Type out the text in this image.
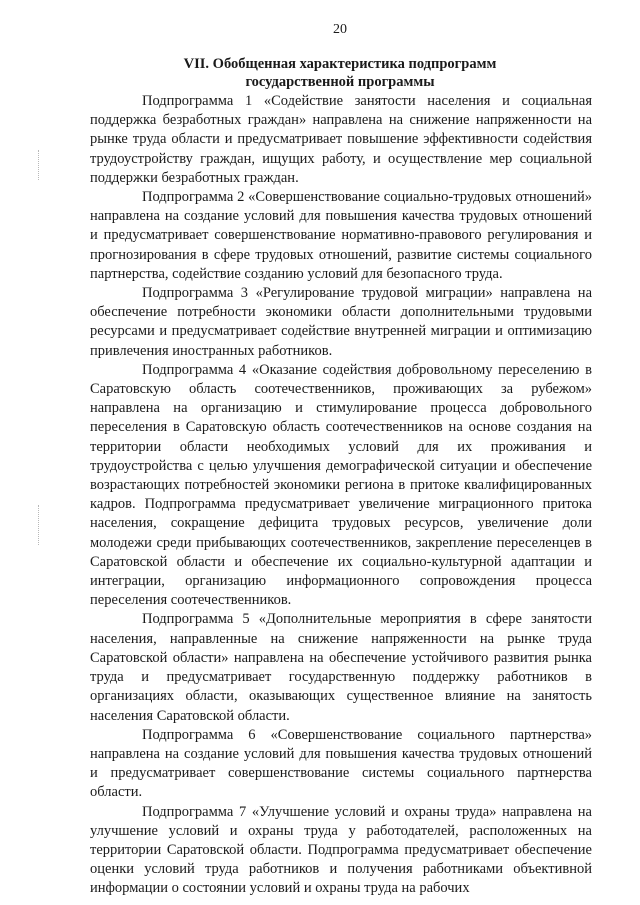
20
VII. Обобщенная характеристика подпрограмм
государственной программы

Подпрограмма 1 «Содействие занятости населения и социальная поддержка безработных граждан» направлена на снижение напряженности на рынке труда области и предусматривает повышение эффективности содействия трудоустройству граждан, ищущих работу, и осуществление мер социальной поддержки безработных граждан.

Подпрограмма 2 «Совершенствование социально-трудовых отношений» направлена на создание условий для повышения качества трудовых отношений и предусматривает совершенствование нормативно-правового регулирования и прогнозирования в сфере трудовых отношений, развитие системы социального партнерства, содействие созданию условий для безопасного труда.

Подпрограмма 3 «Регулирование трудовой миграции» направлена на обеспечение потребности экономики области дополнительными трудовыми ресурсами и предусматривает содействие внутренней миграции и оптимизацию привлечения иностранных работников.

Подпрограмма 4 «Оказание содействия добровольному переселению в Саратовскую область соотечественников, проживающих за рубежом» направлена на организацию и стимулирование процесса добровольного переселения в Саратовскую область соотечественников на основе создания на территории области необходимых условий для их проживания и трудоустройства с целью улучшения демографической ситуации и обеспечение возрастающих потребностей экономики региона в притоке квалифицированных кадров. Подпрограмма предусматривает увеличение миграционного притока населения, сокращение дефицита трудовых ресурсов, увеличение доли молодежи среди прибывающих соотечественников, закрепление переселенцев в Саратовской области и обеспечение их социально-культурной адаптации и интеграции, организацию информационного сопровождения процесса переселения соотечественников.

Подпрограмма 5 «Дополнительные мероприятия в сфере занятости населения, направленные на снижение напряженности на рынке труда Саратовской области» направлена на обеспечение устойчивого развития рынка труда и предусматривает государственную поддержку работников в организациях области, оказывающих существенное влияние на занятость населения Саратовской области.

Подпрограмма 6 «Совершенствование социального партнерства» направлена на создание условий для повышения качества трудовых отношений и предусматривает совершенствование системы социального партнерства области.

Подпрограмма 7 «Улучшение условий и охраны труда» направлена на улучшение условий и охраны труда у работодателей, расположенных на территории Саратовской области. Подпрограмма предусматривает обеспечение оценки условий труда работников и получения работниками объективной информации о состоянии условий и охраны труда на рабочих
